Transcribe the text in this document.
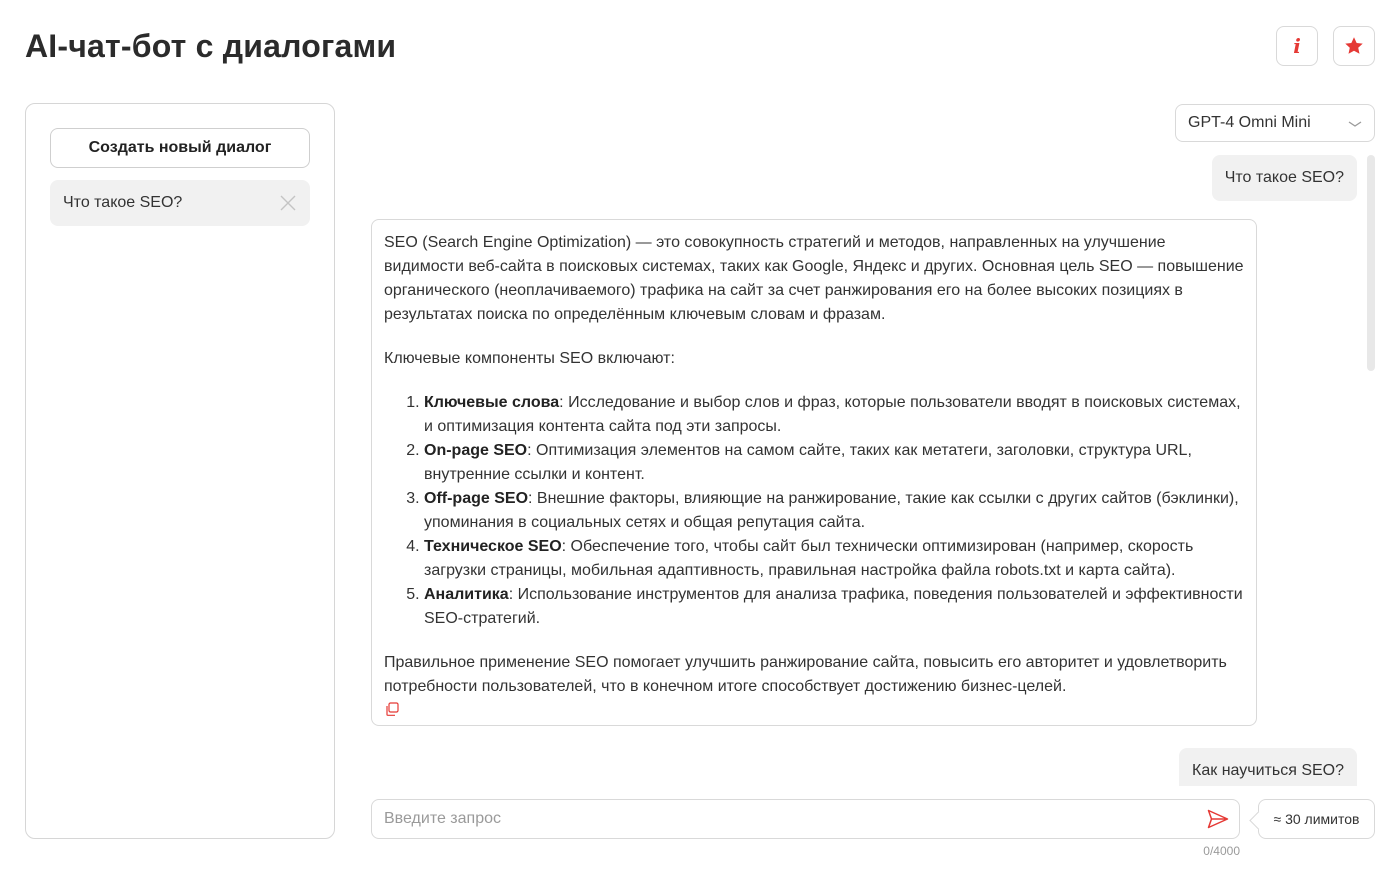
AI-чат-бот с диалогами	i
Создать новый диалог
Что такое SEO?
GPT-4 Omni Mini
Что такое SEO?

SEO (Search Engine Optimization) — это совокупность стратегий и методов, направленных на улучшение видимости веб-сайта в поисковых системах, таких как Google, Яндекс и других. Основная цель SEO — повышение органического (неоплачиваемого) трафика на сайт за счет ранжирования его на более высоких позициях в результатах поиска по определённым ключевым словам и фразам.

Ключевые компоненты SEO включают:

1. Ключевые слова: Исследование и выбор слов и фраз, которые пользователи вводят в поисковых системах, и оптимизация контента сайта под эти запросы.
2. On-page SEO: Оптимизация элементов на самом сайте, таких как метатеги, заголовки, структура URL, внутренние ссылки и контент.
3. Off-page SEO: Внешние факторы, влияющие на ранжирование, такие как ссылки с других сайтов (бэклинки), упоминания в социальных сетях и общая репутация сайта.
4. Техническое SEO: Обеспечение того, чтобы сайт был технически оптимизирован (например, скорость загрузки страницы, мобильная адаптивность, правильная настройка файла robots.txt и карта сайта).
5. Аналитика: Использование инструментов для анализа трафика, поведения пользователей и эффективности SEO-стратегий.

Правильное применение SEO помогает улучшить ранжирование сайта, повысить его авторитет и удовлетворить потребности пользователей, что в конечном итоге способствует достижению бизнес-целей.

Как научиться SEO?
Введите запрос
0/4000
≈ 30 лимитов
